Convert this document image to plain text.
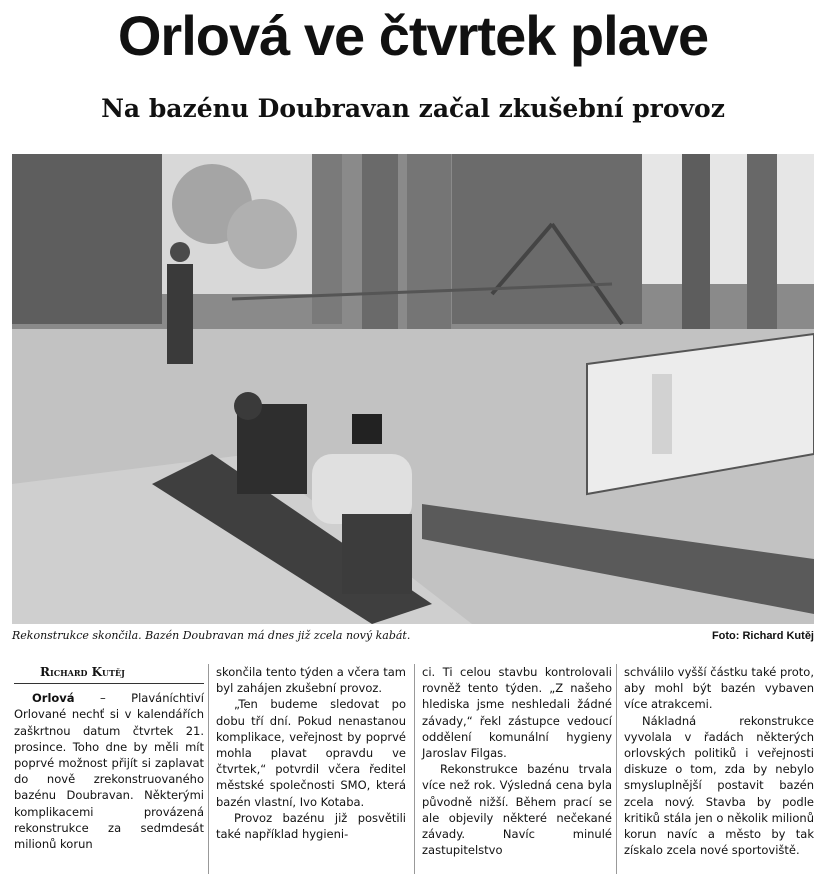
Orlová ve čtvrtek plave
Na bazénu Doubravan začal zkušební provoz
Rekonstrukce skončila. Bazén Doubravan má dnes již zcela nový kabát.	Foto: Richard Kutěj
Richard Kutěj

Orlová – Plaváníchtiví Orlované nechť si v kalendářích zaškrtnou datum čtvrtek 21. prosince. Toho dne by měli mít poprvé možnost přijít si zaplavat do nově zrekonstruovaného bazénu Doubravan. Některými komplikacemi provázená rekonstrukce za sedmdesát milionů korun

skončila tento týden a včera tam byl zahájen zkušební provoz.

„Ten budeme sledovat po dobu tří dní. Pokud nenastanou komplikace, veřejnost by poprvé mohla plavat opravdu ve čtvrtek,“ potvrdil včera ředitel městské společnosti SMO, která bazén vlastní, Ivo Kotaba.

Provoz bazénu již posvětili také například hygieni-

ci. Ti celou stavbu kontrolovali rovněž tento týden. „Z našeho hlediska jsme neshledali žádné závady,“ řekl zástupce vedoucí oddělení komunální hygieny Jaroslav Filgas.

Rekonstrukce bazénu trvala více než rok. Výsledná cena byla původně nižší. Během prací se ale objevily některé nečekané závady. Navíc minulé zastupitelstvo

schválilo vyšší částku také proto, aby mohl být bazén vybaven více atrakcemi.

Nákladná rekonstrukce vyvolala v řadách některých orlovských politiků i veřejnosti diskuze o tom, zda by nebylo smysluplnější postavit bazén zcela nový. Stavba by podle kritiků stála jen o několik milionů korun navíc a město by tak získalo zcela nové sportoviště.
